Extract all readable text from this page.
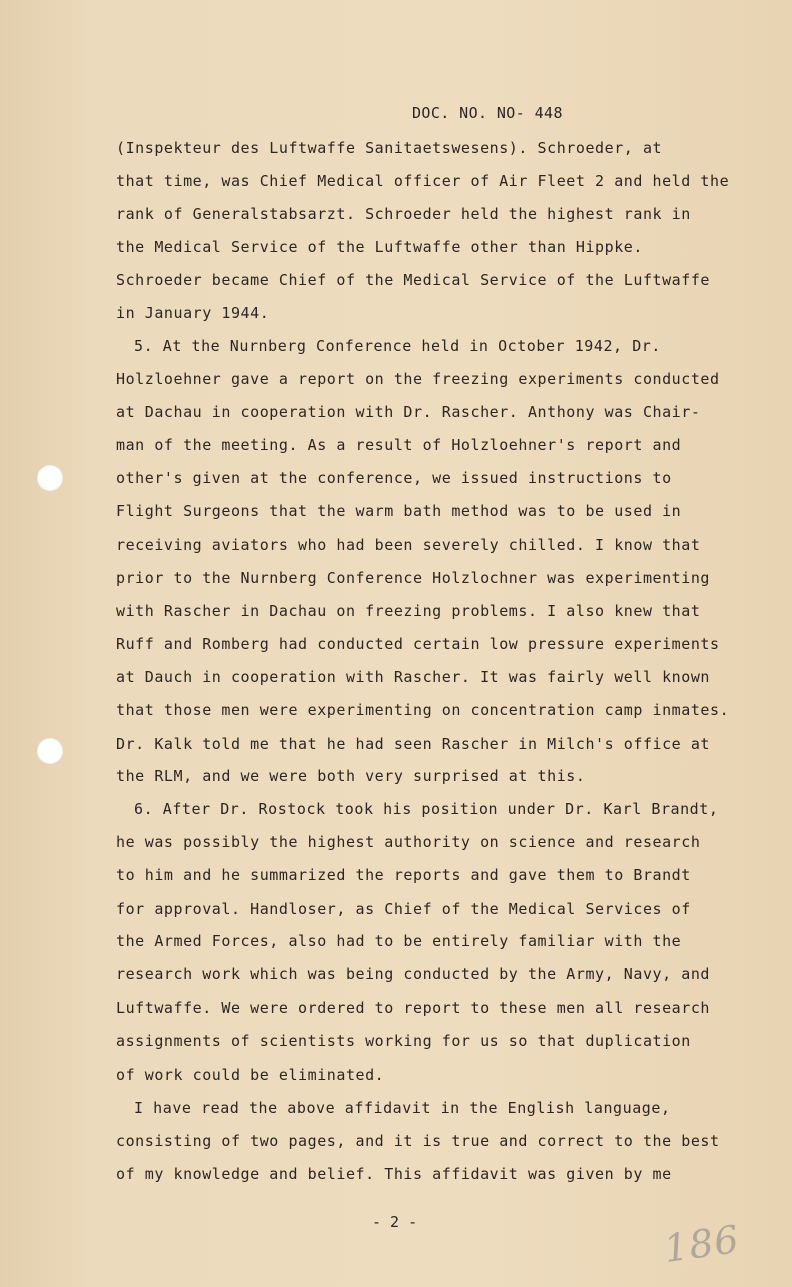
DOC. NO. NO- 448
(Inspekteur des Luftwaffe Sanitaetswesens). Schroeder, at
that time, was Chief Medical officer of Air Fleet 2 and held the
rank of Generalstabsarzt. Schroeder held the highest rank in
the Medical Service of the Luftwaffe other than Hippke.
Schroeder became Chief of the Medical Service of the Luftwaffe
in January 1944.
5. At the Nurnberg Conference held in October 1942, Dr.
Holzloehner gave a report on the freezing experiments conducted
at Dachau in cooperation with Dr. Rascher. Anthony was Chair-
man of the meeting. As a result of Holzloehner's report and
other's given at the conference, we issued instructions to
Flight Surgeons that the warm bath method was to be used in
receiving aviators who had been severely chilled. I know that
prior to the Nurnberg Conference Holzlochner was experimenting
with Rascher in Dachau on freezing problems. I also knew that
Ruff and Romberg had conducted certain low pressure experiments
at Dauch in cooperation with Rascher. It was fairly well known
that those men were experimenting on concentration camp inmates.
Dr. Kalk told me that he had seen Rascher in Milch's office at
the RLM, and we were both very surprised at this.
6. After Dr. Rostock took his position under Dr. Karl Brandt,
he was possibly the highest authority on science and research
to him and he summarized the reports and gave them to Brandt
for approval. Handloser, as Chief of the Medical Services of
the Armed Forces, also had to be entirely familiar with the
research work which was being conducted by the Army, Navy, and
Luftwaffe. We were ordered to report to these men all research
assignments of scientists working for us so that duplication
of work could be eliminated.
I have read the above affidavit in the English language,
consisting of two pages, and it is true and correct to the best
of my knowledge and belief. This affidavit was given by me
- 2 -	186
